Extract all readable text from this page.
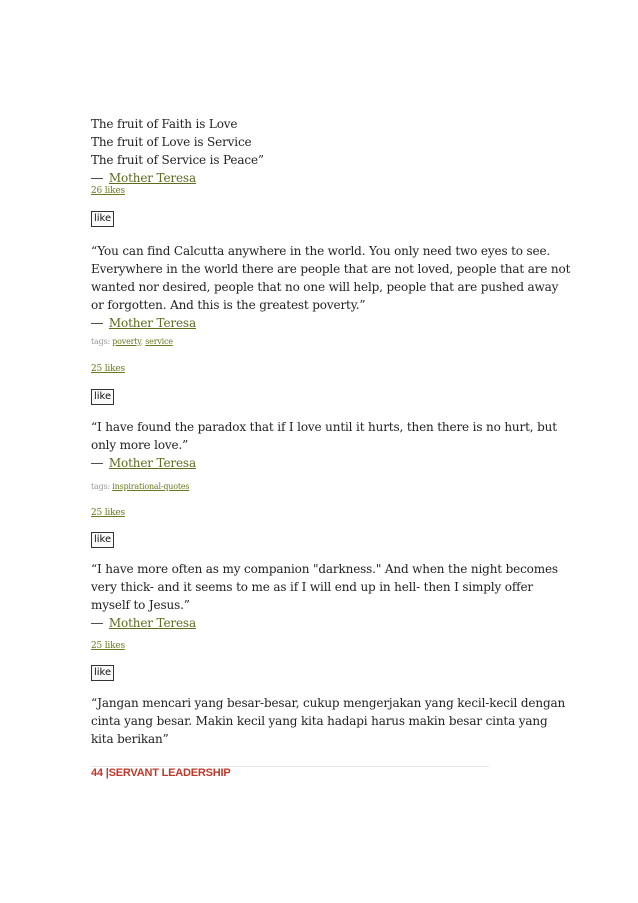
The fruit of Faith is Love
The fruit of Love is Service
The fruit of Service is Peace”
― Mother Teresa
26 likes
like
“You can find Calcutta anywhere in the world. You only need two eyes to see.
Everywhere in the world there are people that are not loved, people that are not
wanted nor desired, people that no one will help, people that are pushed away
or forgotten. And this is the greatest poverty.”
― Mother Teresa
tags: poverty, service
25 likes
like
“I have found the paradox that if I love until it hurts, then there is no hurt, but
only more love.”
― Mother Teresa
tags: inspirational-quotes
25 likes
like
“I have more often as my companion "darkness." And when the night becomes
very thick- and it seems to me as if I will end up in hell- then I simply offer
myself to Jesus.”
― Mother Teresa
25 likes
like
“Jangan mencari yang besar-besar, cukup mengerjakan yang kecil-kecil dengan
cinta yang besar. Makin kecil yang kita hadapi harus makin besar cinta yang
kita berikan”
44 |SERVANT LEADERSHIP
